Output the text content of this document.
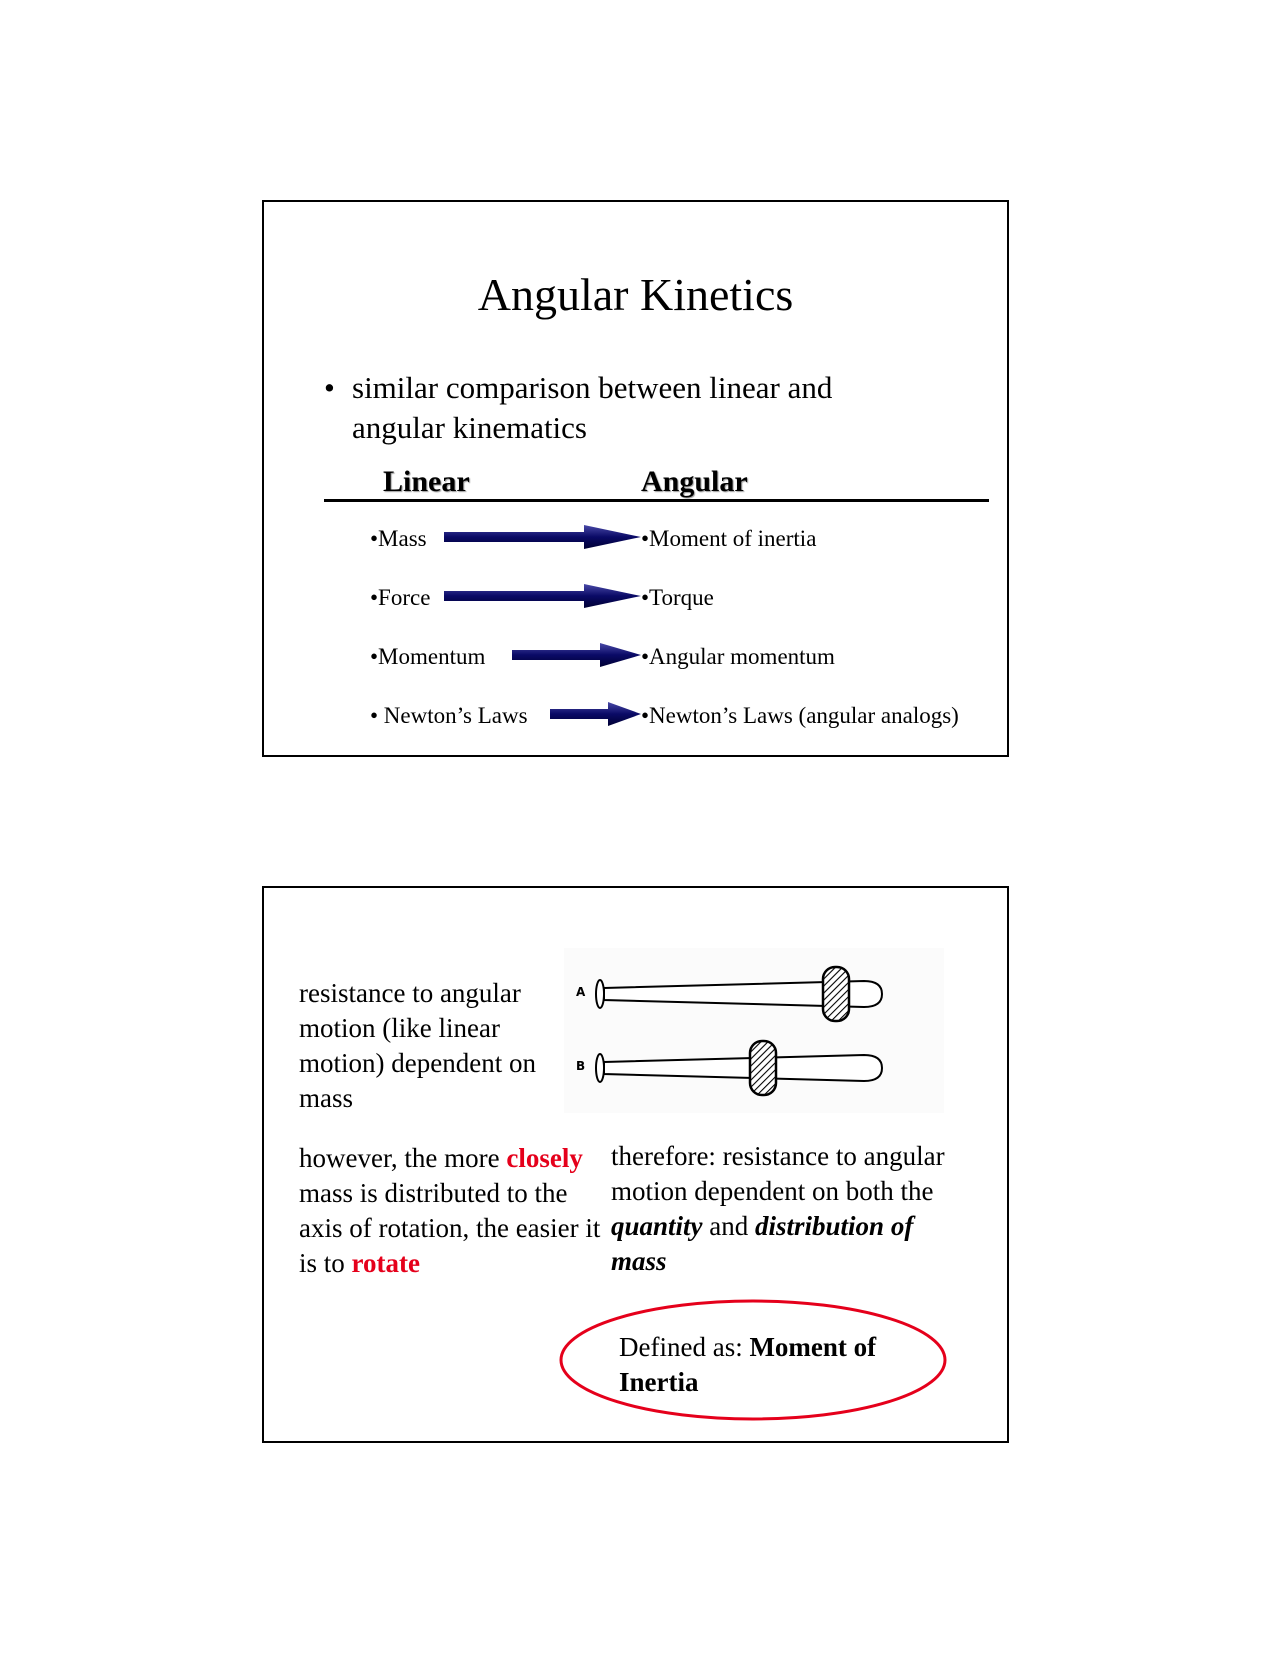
Angular Kinetics
• similar comparison between linear and angular kinematics
Linear	Angular
•Mass	•Moment of inertia
•Force	•Torque
•Momentum	•Angular momentum
• Newton’s Laws	•Newton’s Laws (angular analogs)
resistance to angular motion (like linear motion) dependent on mass
A
B
however, the more closely mass is distributed to the axis of rotation, the easier it is to rotate
therefore: resistance to angular motion dependent on both the quantity and distribution of mass
Defined as: Moment of Inertia
